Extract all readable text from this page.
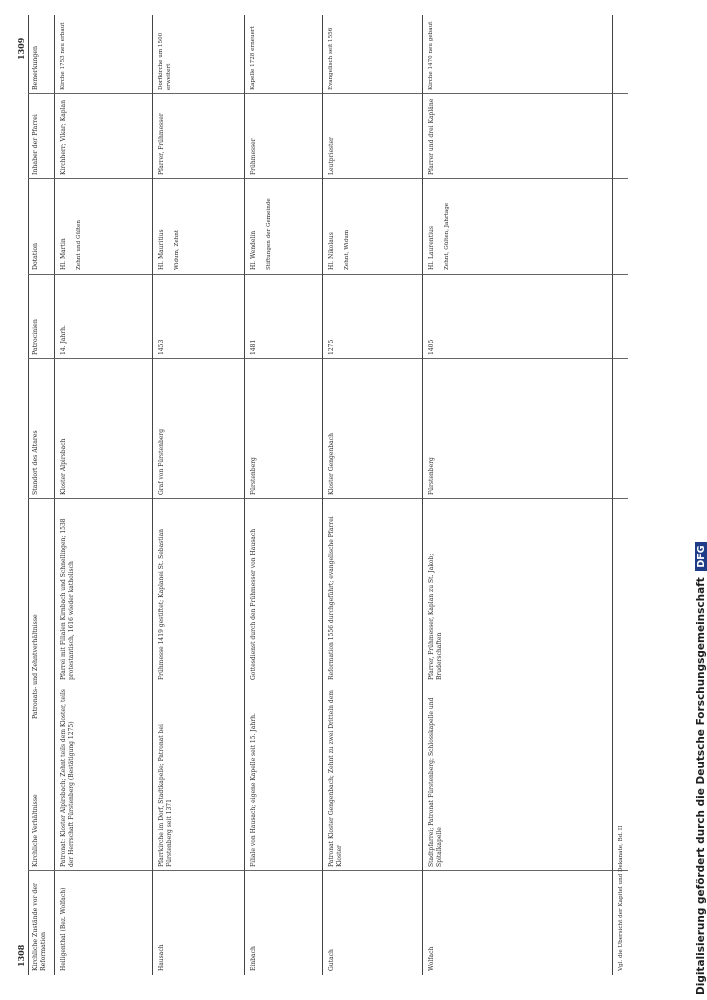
1308
1309
Kirchliche Zustände vor der Reformation
Kirchliche Verhältnisse
Patronats- und Zehntverhältnisse
Standort des Altares
Patrocinien
Dotation
Inhaber der Pfarrei
Bemerkungen
Heiligenthal (Bez. Wolfach)
Patronat: Kloster Alpirsbach; Zehnt teils dem Kloster, teils der Herrschaft Fürstenberg (Bestätigung 1275)
Pfarrei mit Filialen Kirnbach und Schnellingen; 1538 protestantisch, 1616 wieder katholisch
Kloster Alpirsbach
14. Jahrh.
Hl. Martin
Kirchherr; Vikar; Kaplan
Kirche 1753 neu erbaut
Zehnt und Gülten
Hausach
Pfarrkirche im Dorf, Stadtkapelle; Patronat bei Fürstenberg seit 1371
Frühmesse 1419 gestiftet; Kaplanei St. Sebastian
Graf von Fürstenberg
1453
Hl. Mauritius
Pfarrer, Frühmesser
Dorfkirche um 1500 erweitert
Widum, Zehnt
Einbach
Filiale von Hausach; eigene Kapelle seit 15. Jahrh.
Gottesdienst durch den Frühmesser von Hausach
Fürstenberg
1481
Hl. Wendelin
Frühmesser
Kapelle 1728 erneuert
Stiftungen der Gemeinde
Gutach
Patronat Kloster Gengenbach; Zehnt zu zwei Dritteln dem Kloster
Reformation 1556 durchgeführt; evangelische Pfarrei
Kloster Gengenbach
1275
Hl. Nikolaus
Leutpriester
Evangelisch seit 1556
Zehnt, Widum
Wolfach
Stadtpfarrei; Patronat Fürstenberg; Schlosskapelle und Spitalkapelle
Pfarrer, Frühmesser, Kaplan zu St. Jakob; Bruderschaften
Fürstenberg
1405
Hl. Laurentius
Pfarrer und drei Kapläne
Kirche 1470 neu gebaut
Zehnt, Gülten, Jahrtage
Vgl. die Übersicht der Kapitel und Dekanate, Bd. II	Digitalisierung gefördert durch die Deutsche Forschungsgemeinschaft DFG
